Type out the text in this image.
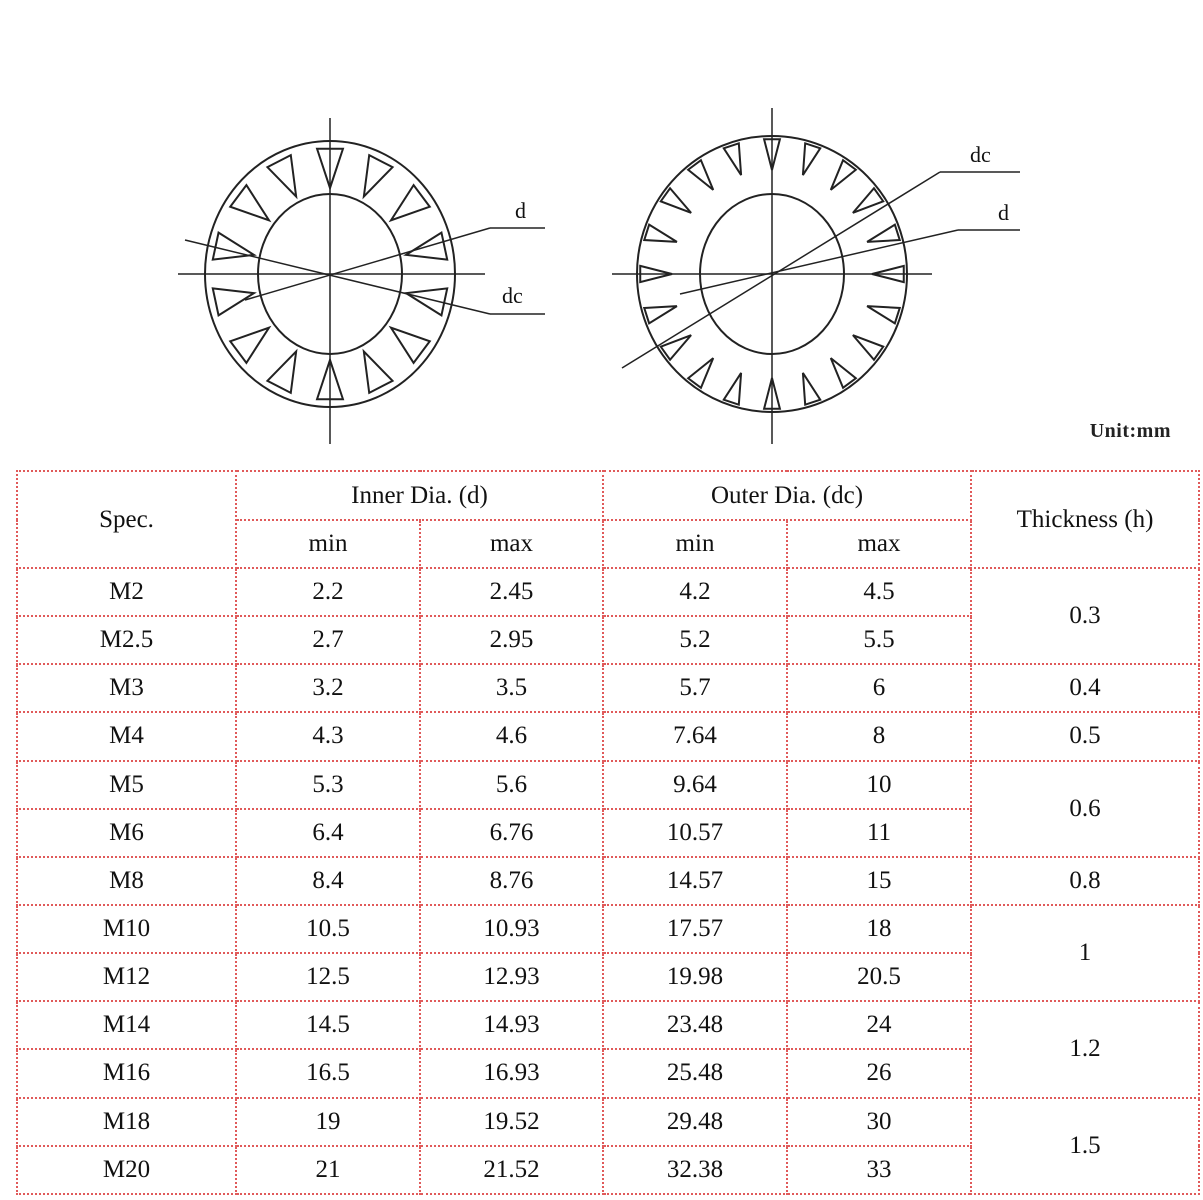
d
dc
dc
d
Unit:mm
Spec.	Inner Dia. (d)		Outer Dia. (dc)		Thickness (h)
	min	max	min	max	
M2	2.2	2.45	4.2	4.5	0.3
M2.5	2.7	2.95	5.2	5.5	
M3	3.2	3.5	5.7	6	0.4
M4	4.3	4.6	7.64	8	0.5
M5	5.3	5.6	9.64	10	0.6
M6	6.4	6.76	10.57	11	
M8	8.4	8.76	14.57	15	0.8
M10	10.5	10.93	17.57	18	1
M12	12.5	12.93	19.98	20.5	
M14	14.5	14.93	23.48	24	1.2
M16	16.5	16.93	25.48	26	
M18	19	19.52	29.48	30	1.5
M20	21	21.52	32.38	33	
